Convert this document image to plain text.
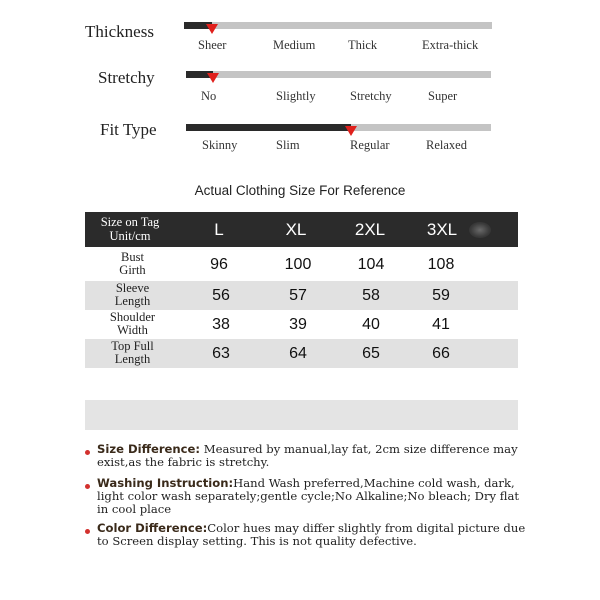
Thickness
Sheer	Medium	Thick	Extra-thick
Stretchy
No	Slightly	Stretchy	Super
Fit Type
Skinny	Slim	Regular	Relaxed
Actual Clothing Size For Reference
Size on Tag
Unit/cm	L	XL	2XL	3XL
Bust
Girth	96	100	104	108
Sleeve
Length	56	57	58	59
Shoulder
Width	38	39	40	41
Top Full
Length	63	64	65	66
Size Difference: Measured by manual,lay fat, 2cm size difference may exist,as the fabric is stretchy.
Washing Instruction:Hand Wash preferred,Machine cold wash, dark, light color wash separately;gentle cycle;No Alkaline;No bleach; Dry flat in cool place
Color Difference:Color hues may differ slightly from digital picture due to Screen display setting. This is not quality defective.
